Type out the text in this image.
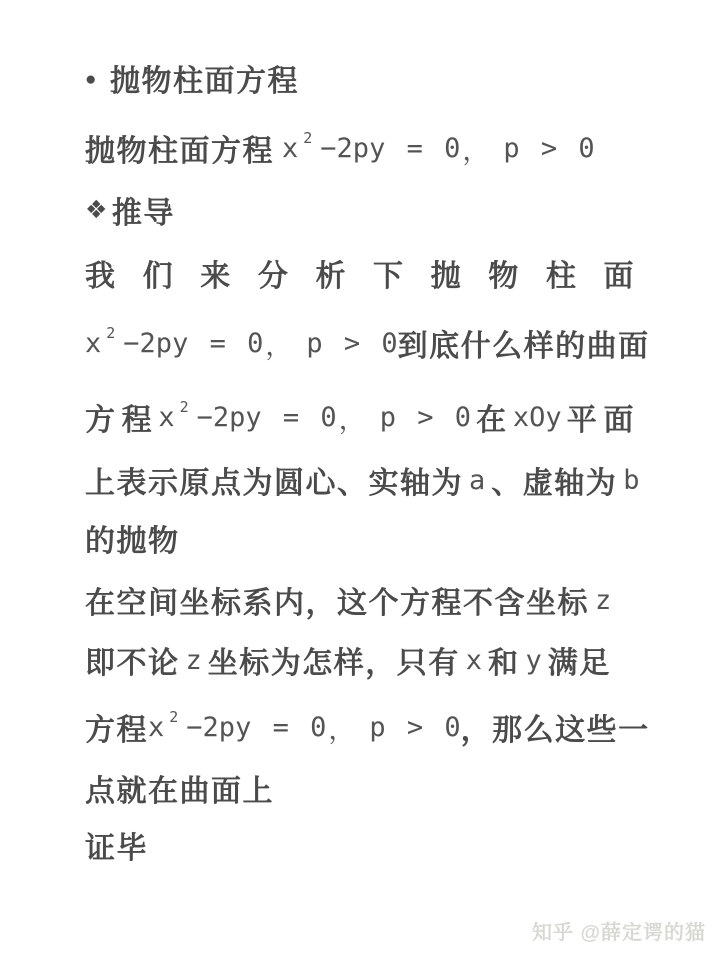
● 抛物柱面方程
抛物柱面方程 x 2 −2py = 0 ， p > 0
❖ 推导
我 们 来 分 析 下 抛 物 柱 面
x 2 −2py = 0 ， p > 0 到底什么样的曲面
方 程 x 2 −2py = 0 ， p > 0 在 xOy 平 面
上表示原点为圆心、实轴为 a 、虚轴为 b
的抛物
在空间坐标系内，这个方程不含坐标 z
即不论 z 坐标为怎样，只有 x 和 y 满足
方 程 x 2 −2py = 0 ， p > 0 ，那么这些一
点就在曲面上
证毕
知乎 @薛定谔的猫
